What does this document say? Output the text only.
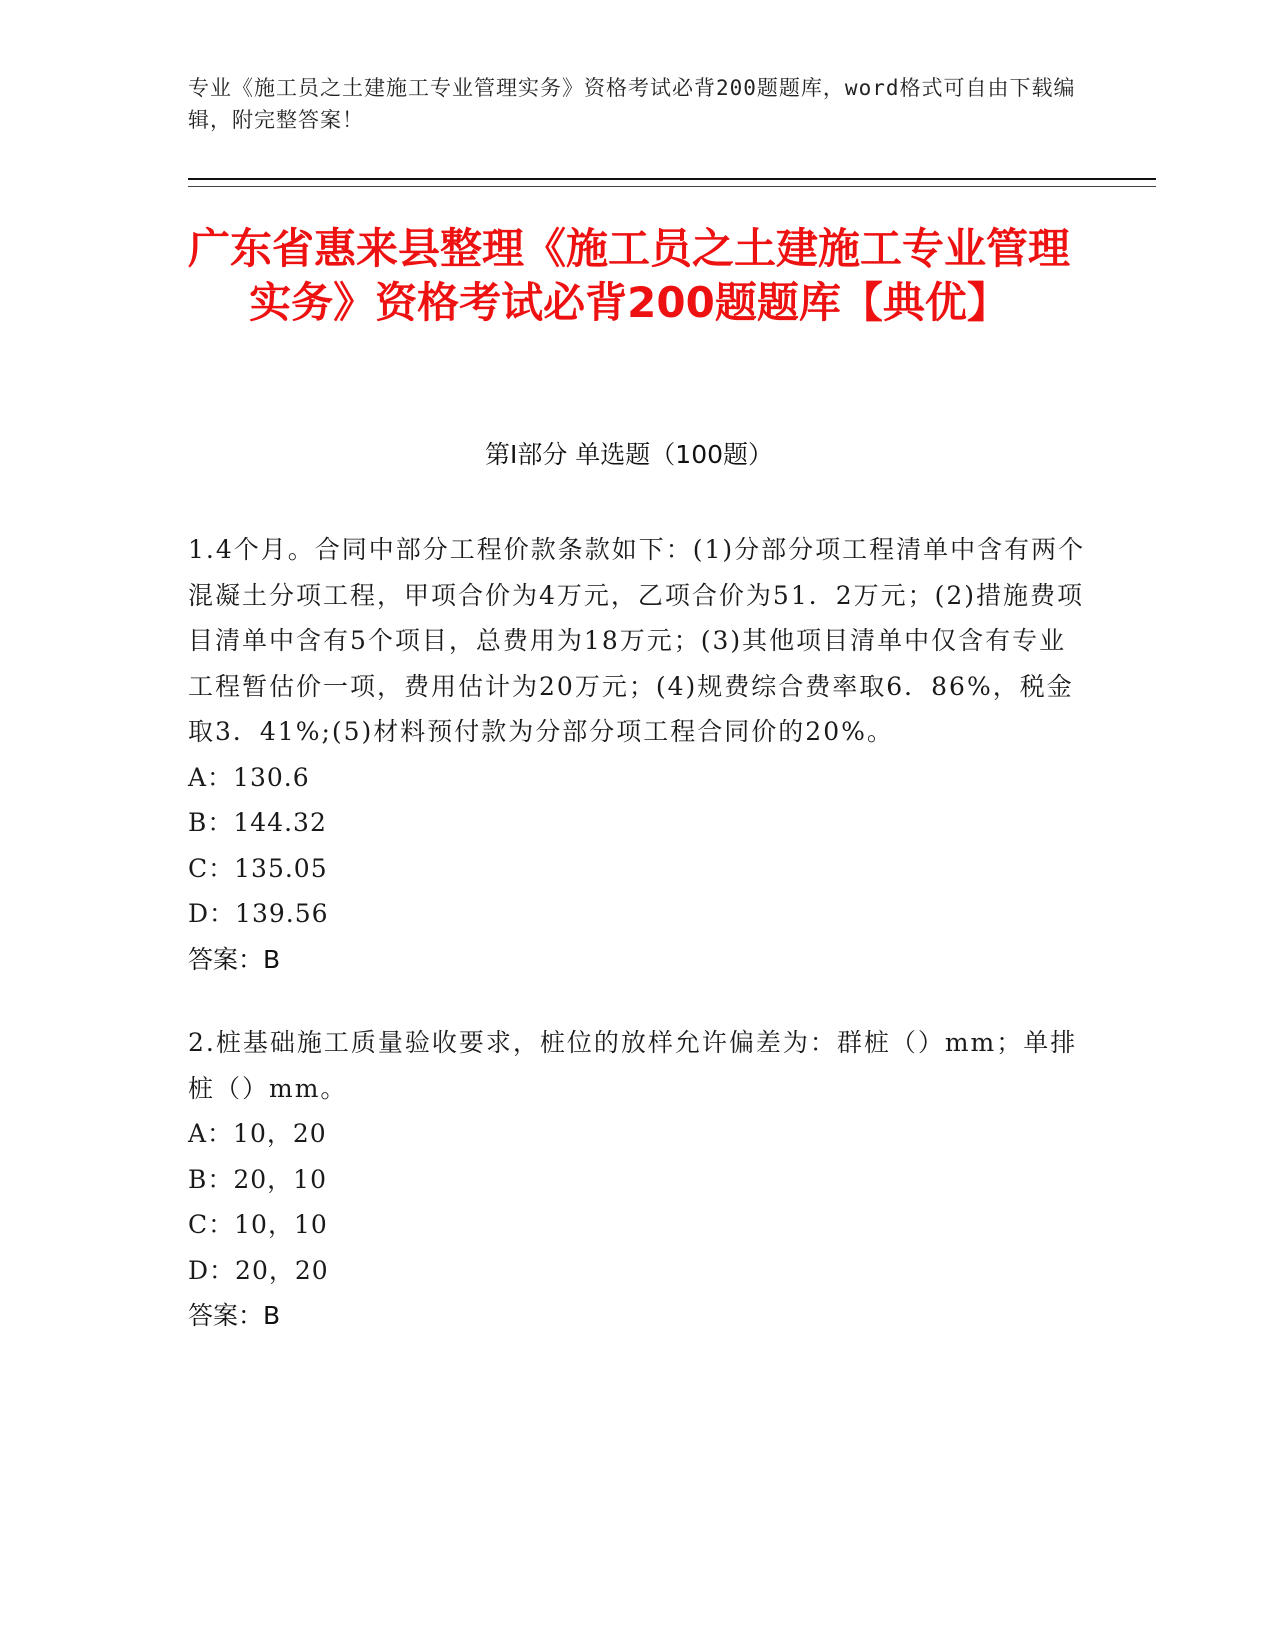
专业《施工员之土建施工专业管理实务》资格考试必背200题题库，word格式可自由下载编辑，附完整答案！
广东省惠来县整理《施工员之土建施工专业管理实务》资格考试必背200题题库【典优】
第I部分 单选题（100题）

1.4个月。合同中部分工程价款条款如下：(1)分部分项工程清单中含有两个混凝土分项工程，甲项合价为4万元，乙项合价为51．2万元；(2)措施费项目清单中含有5个项目，总费用为18万元；(3)其他项目清单中仅含有专业工程暂估价一项，费用估计为20万元；(4)规费综合费率取6．86%，税金取3．41%;(5)材料预付款为分部分项工程合同价的20%。

A：130.6

B：144.32

C：135.05

D：139.56

答案：B

2.桩基础施工质量验收要求，桩位的放样允许偏差为：群桩（）mm；单排桩（）mm。

A：10，20

B：20，10

C：10，10

D：20，20

答案：B
